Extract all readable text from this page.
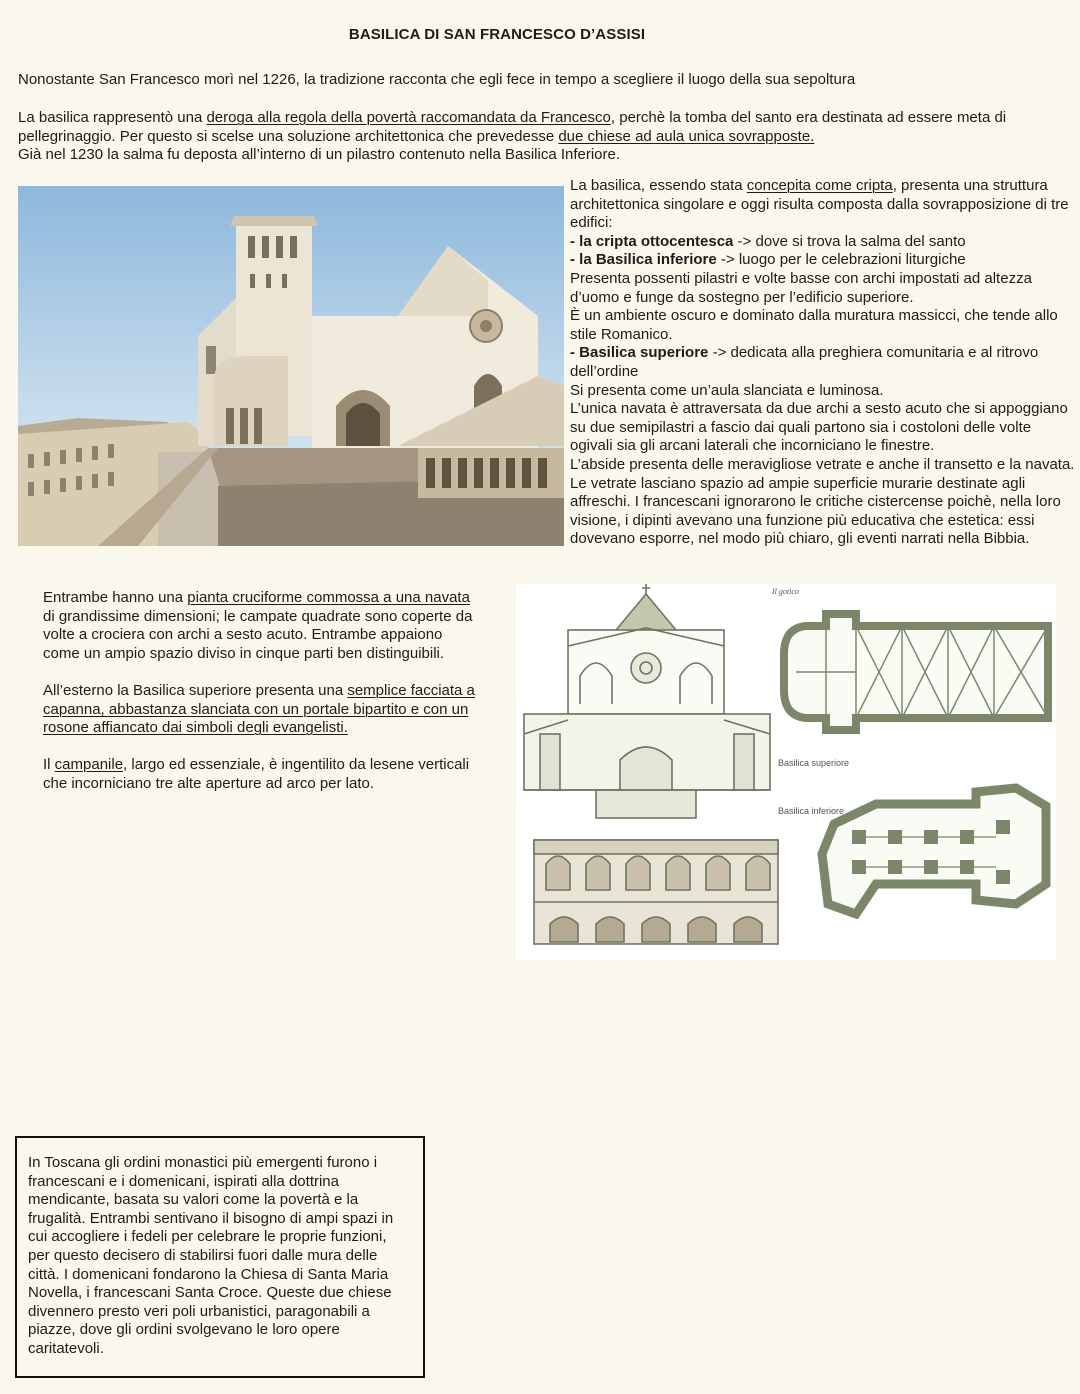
BASILICA DI SAN FRANCESCO D’ASSISI
Nonostante San Francesco morì nel 1226, la tradizione racconta che egli fece in tempo a scegliere il luogo della sua sepoltura
La basilica rappresentò una deroga alla regola della povertà raccomandata da Francesco, perchè la tomba del santo era destinata ad essere meta di pellegrinaggio. Per questo si scelse una soluzione architettonica che prevedesse due chiese ad aula unica sovrapposte.
Già nel 1230 la salma fu deposta all’interno di un pilastro contenuto nella Basilica Inferiore.
La basilica, essendo stata concepita come cripta, presenta una struttura architettonica singolare e oggi risulta composta dalla sovrapposizione di tre edifici:
- la cripta ottocentesca -> dove si trova la salma del santo
- la Basilica inferiore -> luogo per le celebrazioni liturgiche
Presenta possenti pilastri e volte basse con archi impostati ad altezza d’uomo e funge da sostegno per l’edificio superiore.
È un ambiente oscuro e dominato dalla muratura massicci, che tende allo stile Romanico.
- Basilica superiore -> dedicata alla preghiera comunitaria e al ritrovo dell’ordine
Si presenta come un’aula slanciata e luminosa.
L’unica navata è attraversata da due archi a sesto acuto che si appoggiano su due semipilastri a fascio dai quali partono sia i costoloni delle volte ogivali sia gli arcani laterali che incorniciano le finestre.
L’abside presenta delle meravigliose vetrate e anche il transetto e la navata. Le vetrate lasciano spazio ad ampie superficie murarie destinate agli affreschi. I francescani ignorarono le critiche cistercense poichè, nella loro visione, i dipinti avevano una funzione più educativa che estetica: essi dovevano esporre, nel modo più chiaro, gli eventi narrati nella Bibbia.
Entrambe hanno una pianta cruciforme commossa a una navata di grandissime dimensioni; le campate quadrate sono coperte da volte a crociera con archi a sesto acuto. Entrambe appaiono come un ampio spazio diviso in cinque parti ben distinguibili.
All’esterno la Basilica superiore presenta una semplice facciata a capanna, abbastanza slanciata con un portale bipartito e con un rosone affiancato dai simboli degli evangelisti.
Il campanile, largo ed essenziale, è ingentilito da lesene verticali che incorniciano tre alte aperture ad arco per lato.
Il gotico
Basilica superiore
Basilica inferiore
In Toscana gli ordini monastici più emergenti furono i francescani e i domenicani, ispirati alla dottrina mendicante, basata su valori come la povertà e la frugalità. Entrambi sentivano il bisogno di ampi spazi in cui accogliere i fedeli per celebrare le proprie funzioni, per questo decisero di stabilirsi fuori dalle mura delle città. I domenicani fondarono la Chiesa di Santa Maria Novella, i francescani Santa Croce. Queste due chiese divennero presto veri poli urbanistici, paragonabili a piazze, dove gli ordini svolgevano le loro opere caritatevoli.
